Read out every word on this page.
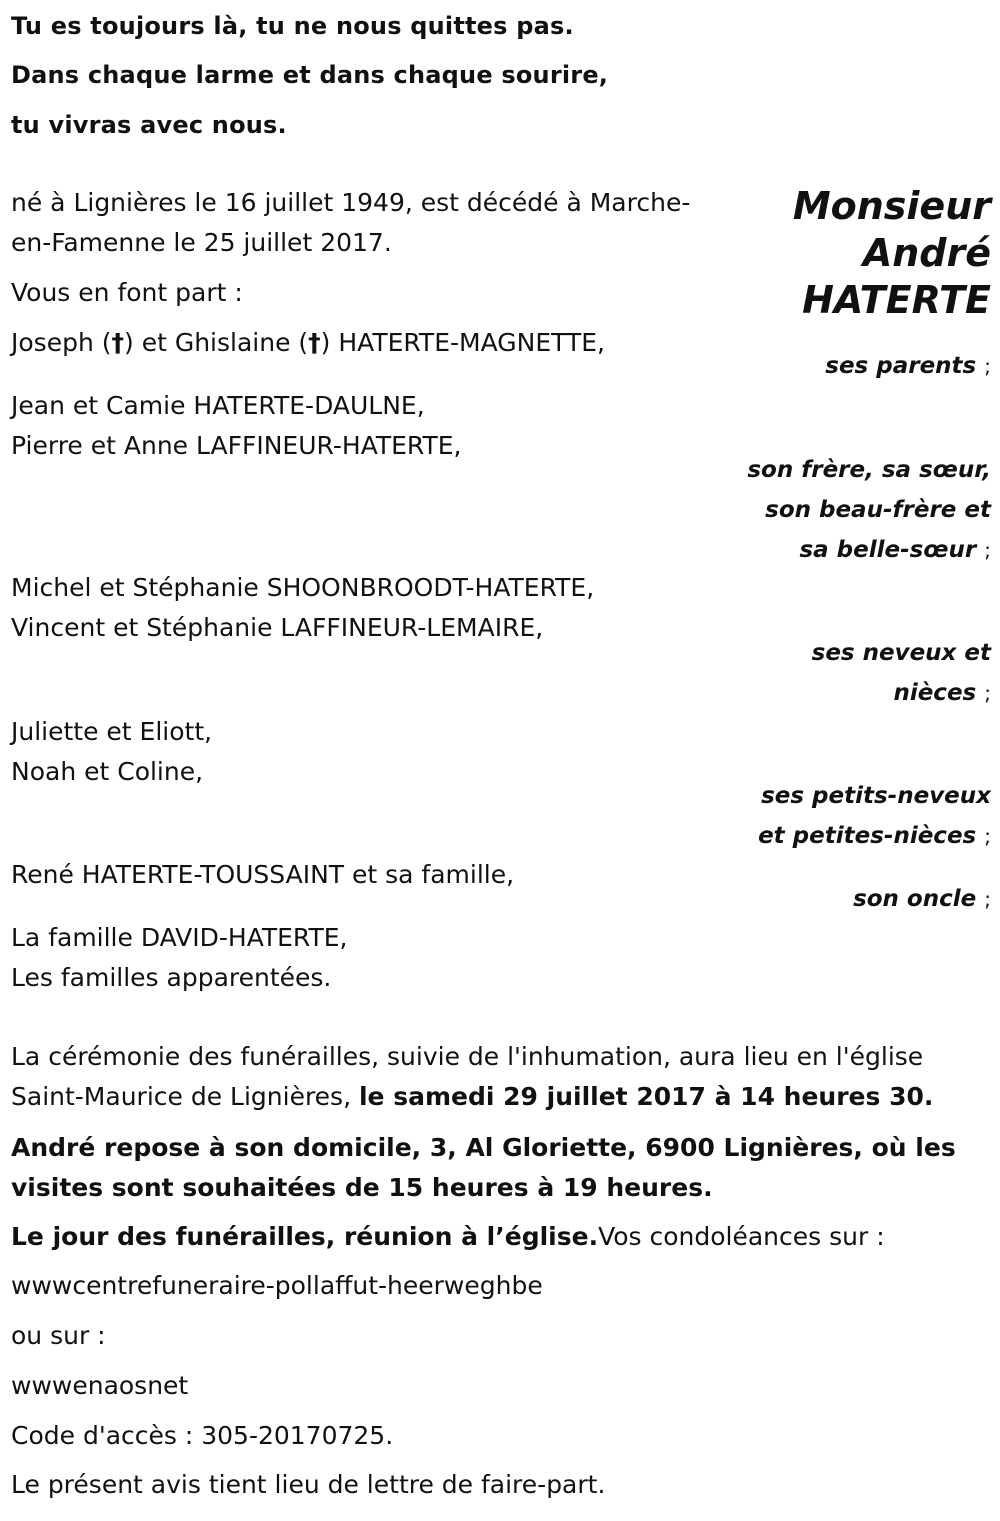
Tu es toujours là, tu ne nous quittes pas.
Dans chaque larme et dans chaque sourire,
tu vivras avec nous.
Monsieur
André
HATERTE
né à Lignières le 16 juillet 1949, est décédé à Marche-
en-Famenne le 25 juillet 2017.
Vous en font part :
Joseph (†) et Ghislaine (†) HATERTE-MAGNETTE,
ses parents ;
Jean et Camie HATERTE-DAULNE,
Pierre et Anne LAFFINEUR-HATERTE,
son frère, sa sœur,
son beau-frère et
sa belle-sœur ;
Michel et Stéphanie SHOONBROODT-HATERTE,
Vincent et Stéphanie LAFFINEUR-LEMAIRE,
ses neveux et
nièces ;
Juliette et Eliott,
Noah et Coline,
ses petits-neveux
et petites-nièces ;
René HATERTE-TOUSSAINT et sa famille,
son oncle ;
La famille DAVID-HATERTE,
Les familles apparentées.
La cérémonie des funérailles, suivie de l'inhumation, aura lieu en l'église
Saint-Maurice de Lignières, le samedi 29 juillet 2017 à 14 heures 30.
André repose à son domicile, 3, Al Gloriette, 6900 Lignières, où les
visites sont souhaitées de 15 heures à 19 heures.
Le jour des funérailles, réunion à l’église.Vos condoléances sur :
wwwcentrefuneraire-pollaffut-heerweghbe
ou sur :
wwwenaosnet
Code d'accès : 305-20170725.
Le présent avis tient lieu de lettre de faire-part.
